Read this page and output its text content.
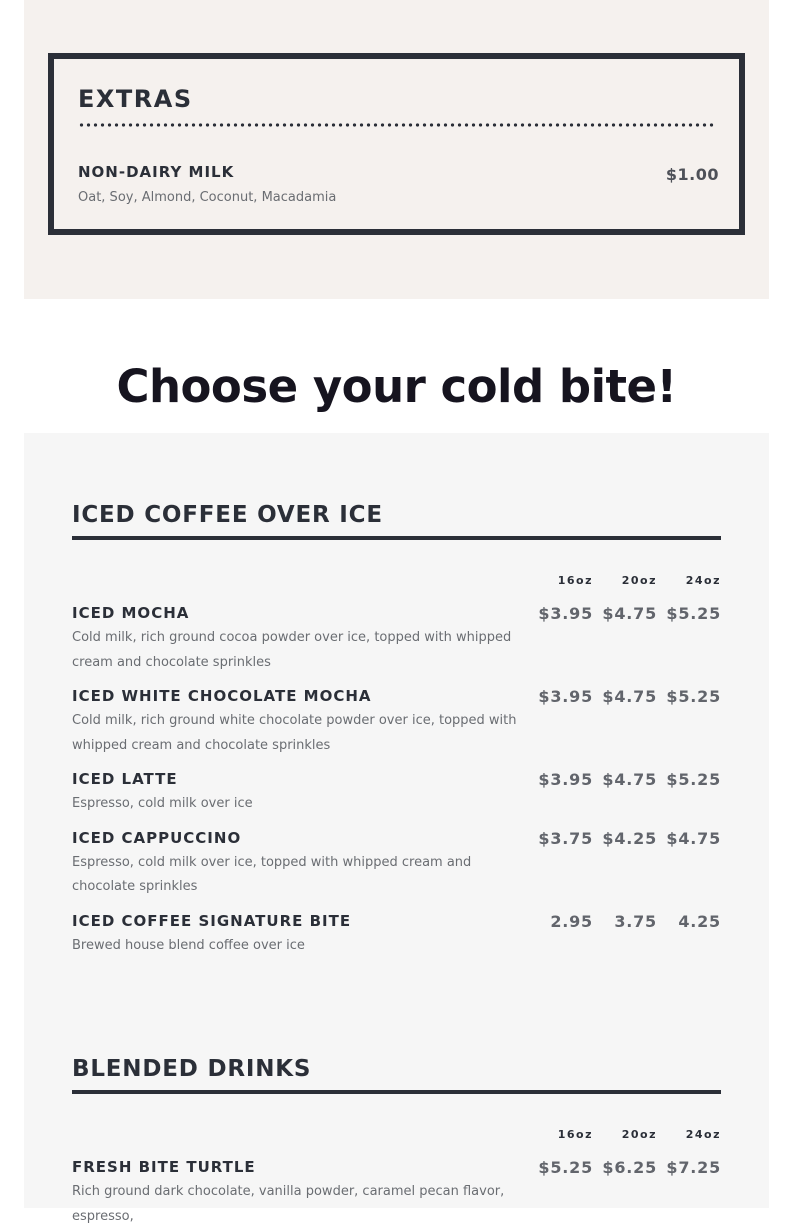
EXTRAS
NON-DAIRY MILK
Oat, Soy, Almond, Coconut, Macadamia
$1.00
Choose your cold bite!
ICED COFFEE OVER ICE
16oz	20oz	24oz
ICED MOCHA
Cold milk, rich ground cocoa powder over ice, topped with whipped cream and chocolate sprinkles
$3.95 $4.75 $5.25
ICED WHITE CHOCOLATE MOCHA
Cold milk, rich ground white chocolate powder over ice, topped with whipped cream and chocolate sprinkles
$3.95 $4.75 $5.25
ICED LATTE
Espresso, cold milk over ice
$3.95 $4.75 $5.25
ICED CAPPUCCINO
Espresso, cold milk over ice, topped with whipped cream and chocolate sprinkles
$3.75 $4.25 $4.75
ICED COFFEE SIGNATURE BITE
Brewed house blend coffee over ice
2.95	3.75	4.25
BLENDED DRINKS
16oz	20oz	24oz
FRESH BITE TURTLE
Rich ground dark chocolate, vanilla powder, caramel pecan flavor, espresso,
$5.25 $6.25 $7.25
